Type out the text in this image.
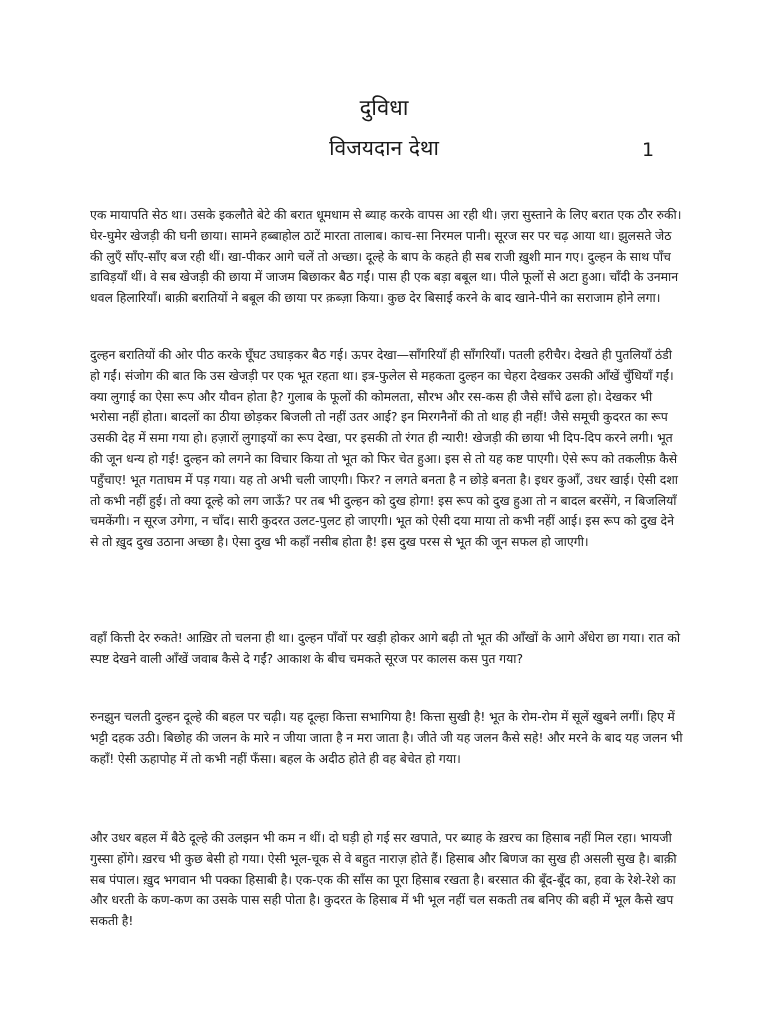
दुविधा
विजयदान देथा	1

एक मायापति सेठ था। उसके इकलौते बेटे की बरात धूमधाम से ब्याह करके वापस आ रही थी। ज़रा सुस्ताने के लिए बरात एक ठौर रुकी। घेर-घुमेर खेजड़ी की घनी छाया। सामने हब्बाहोल ठाटें मारता तालाब। काच-सा निरमल पानी। सूरज सर पर चढ़ आया था। झुलसते जेठ की लुएँ साँए-साँए बज रही थीं। खा-पीकर आगे चलें तो अच्छा। दूल्हे के बाप के कहते ही सब राजी ख़ुशी मान गए। दुल्हन के साथ पाँच डाविड़याँ थीं। वे सब खेजड़ी की छाया में जाजम बिछाकर बैठ गईं। पास ही एक बड़ा बबूल था। पीले फूलों से अटा हुआ। चाँदी के उनमान धवल हिलारियाँ। बाक़ी बरातियों ने बबूल की छाया पर क़ब्ज़ा किया। कुछ देर बिसाई करने के बाद खाने-पीने का सराजाम होने लगा।

दुल्हन बरातियों की ओर पीठ करके घूँघट उघाड़कर बैठ गई। ऊपर देखा—साँगरियाँ ही साँगरियाँ। पतली हरीचैर। देखते ही पुतलियाँ ठंडी हो गईं। संजोग की बात कि उस खेजड़ी पर एक भूत रहता था। इत्र-फुलेल से महकता दुल्हन का चेहरा देखकर उसकी आँखें चुँधियाँ गईं। क्या लुगाई का ऐसा रूप और यौवन होता है? गुलाब के फूलों की कोमलता, सौरभ और रस-कस ही जैसे साँचे ढला हो। देखकर भी भरोसा नहीं होता। बादलों का ठीया छोड़कर बिजली तो नहीं उतर आई? इन मिरगनैनों की तो थाह ही नहीं! जैसे समूची कुदरत का रूप उसकी देह में समा गया हो। हज़ारों लुगाइयों का रूप देखा, पर इसकी तो रंगत ही न्यारी! खेजड़ी की छाया भी दिप-दिप करने लगी। भूत की जून धन्य हो गई! दुल्हन को लगने का विचार किया तो भूत को फिर चेत हुआ। इस से तो यह कष्ट पाएगी। ऐसे रूप को तकलीफ़ कैसे पहुँचाए! भूत गताघम में पड़ गया। यह तो अभी चली जाएगी। फिर? न लगते बनता है न छोड़े बनता है। इधर कुआँ, उधर खाई। ऐसी दशा तो कभी नहीं हुई। तो क्या दूल्हे को लग जाऊँ? पर तब भी दुल्हन को दुख होगा! इस रूप को दुख हुआ तो न बादल बरसेंगे, न बिजलियाँ चमकेंगी। न सूरज उगेगा, न चाँद। सारी कुदरत उलट-पुलट हो जाएगी। भूत को ऐसी दया माया तो कभी नहीं आई। इस रूप को दुख देने से तो ख़ुद दुख उठाना अच्छा है। ऐसा दुख भी कहाँ नसीब होता है! इस दुख परस से भूत की जून सफल हो जाएगी।

वहाँ कित्ती देर रुकते! आख़िर तो चलना ही था। दुल्हन पाँवों पर खड़ी होकर आगे बढ़ी तो भूत की आँखों के आगे अँधेरा छा गया। रात को स्पष्ट देखने वाली आँखें जवाब कैसे दे गईं? आकाश के बीच चमकते सूरज पर कालस कस पुत गया?

रुनझुन चलती दुल्हन दूल्हे की बहल पर चढ़ी। यह दूल्हा कित्ता सभागिया है! कित्ता सुखी है! भूत के रोम-रोम में सूलें खुबने लगीं। हिए में भट्टी दहक उठी। बिछोह की जलन के मारे न जीया जाता है न मरा जाता है। जीते जी यह जलन कैसे सहे! और मरने के बाद यह जलन भी कहाँ! ऐसी ऊहापोह में तो कभी नहीं फँसा। बहल के अदीठ होते ही वह बेचेत हो गया।

और उधर बहल में बैठे दूल्हे की उलझन भी कम न थीं। दो घड़ी हो गई सर खपाते, पर ब्याह के ख़रच का हिसाब नहीं मिल रहा। भायजी गुस्सा होंगे। ख़रच भी कुछ बेसी हो गया। ऐसी भूल-चूक से वे बहुत नाराज़ होते हैं। हिसाब और बिणज का सुख ही असली सुख है। बाक़ी सब पंपाल। ख़ुद भगवान भी पक्का हिसाबी है। एक-एक की साँस का पूरा हिसाब रखता है। बरसात की बूँद-बूँद का, हवा के रेशे-रेशे का और धरती के कण-कण का उसके पास सही पोता है। कुदरत के हिसाब में भी भूल नहीं चल सकती तब बनिए की बही में भूल कैसे खप सकती है!
